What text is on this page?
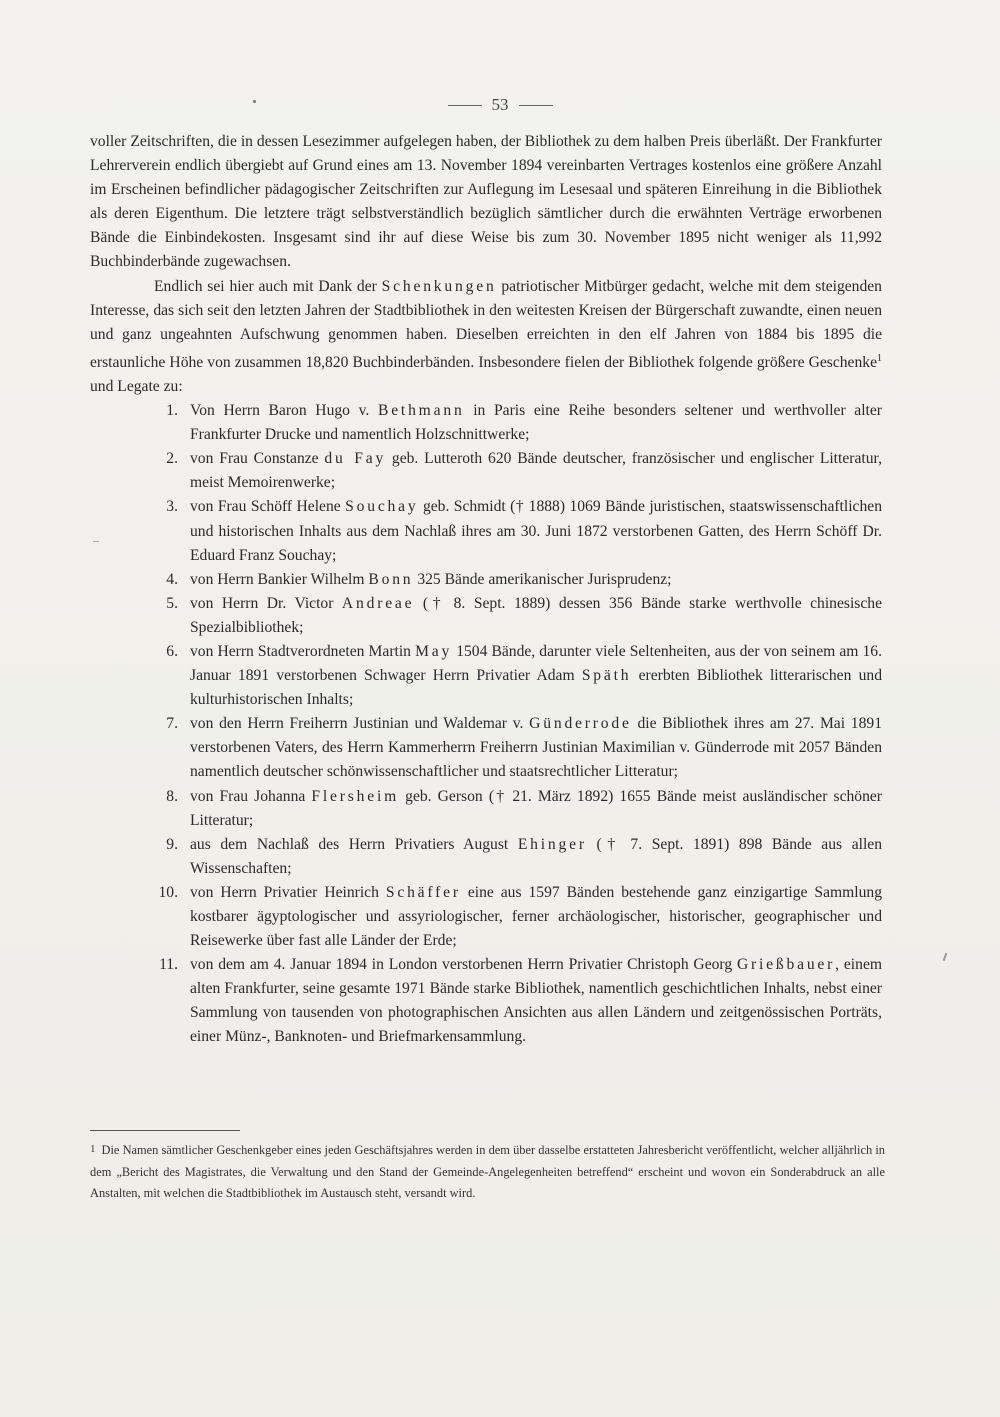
53

voller Zeitschriften, die in dessen Lesezimmer aufgelegen haben, der Bibliothek zu dem halben Preis überläßt. Der Frankfurter Lehrerverein endlich übergiebt auf Grund eines am 13. November 1894 vereinbarten Vertrages kostenlos eine größere Anzahl im Erscheinen befindlicher pädagogischer Zeitschriften zur Auflegung im Lesesaal und späteren Einreihung in die Bibliothek als deren Eigenthum. Die letztere trägt selbstverständlich bezüglich sämtlicher durch die erwähnten Verträge erworbenen Bände die Einbindekosten. Insgesamt sind ihr auf diese Weise bis zum 30. November 1895 nicht weniger als 11,992 Buchbinderbände zugewachsen.

Endlich sei hier auch mit Dank der Schenkungen patriotischer Mitbürger gedacht, welche mit dem steigenden Interesse, das sich seit den letzten Jahren der Stadtbibliothek in den weitesten Kreisen der Bürgerschaft zuwandte, einen neuen und ganz ungeahnten Aufschwung genommen haben. Dieselben erreichten in den elf Jahren von 1884 bis 1895 die erstaunliche Höhe von zusammen 18,820 Buchbinderbänden. Insbesondere fielen der Bibliothek folgende größere Geschenke$^1$ und Legate zu:

1. Von Herrn Baron Hugo v. Bethmann in Paris eine Reihe besonders seltener und werthvoller alter Frankfurter Drucke und namentlich Holzschnittwerke;
2. von Frau Constanze du Fay geb. Lutteroth 620 Bände deutscher, französischer und englischer Litteratur, meist Memoirenwerke;
3. von Frau Schöff Helene Souchay geb. Schmidt († 1888) 1069 Bände juristischen, staatswissenschaftlichen und historischen Inhalts aus dem Nachlaß ihres am 30. Juni 1872 verstorbenen Gatten, des Herrn Schöff Dr. Eduard Franz Souchay;
4. von Herrn Bankier Wilhelm Bonn 325 Bände amerikanischer Jurisprudenz;
5. von Herrn Dr. Victor Andreae († 8. Sept. 1889) dessen 356 Bände starke werthvolle chinesische Spezialbibliothek;
6. von Herrn Stadtverordneten Martin May 1504 Bände, darunter viele Seltenheiten, aus der von seinem am 16. Januar 1891 verstorbenen Schwager Herrn Privatier Adam Späth ererbten Bibliothek litterarischen und kulturhistorischen Inhalts;
7. von den Herrn Freiherrn Justinian und Waldemar v. Günderrode die Bibliothek ihres am 27. Mai 1891 verstorbenen Vaters, des Herrn Kammerherrn Freiherrn Justinian Maximilian v. Günderrode mit 2057 Bänden namentlich deutscher schönwissenschaftlicher und staatsrechtlicher Litteratur;
8. von Frau Johanna Flersheim geb. Gerson († 21. März 1892) 1655 Bände meist ausländischer schöner Litteratur;
9. aus dem Nachlaß des Herrn Privatiers August Ehinger († 7. Sept. 1891) 898 Bände aus allen Wissenschaften;
10. von Herrn Privatier Heinrich Schäffer eine aus 1597 Bänden bestehende ganz einzigartige Sammlung kostbarer ägyptologischer und assyriologischer, ferner archäologischer, historischer, geographischer und Reisewerke über fast alle Länder der Erde;
11. von dem am 4. Januar 1894 in London verstorbenen Herrn Privatier Christoph Georg Grießbauer, einem alten Frankfurter, seine gesamte 1971 Bände starke Bibliothek, namentlich geschichtlichen Inhalts, nebst einer Sammlung von tausenden von photographischen Ansichten aus allen Ländern und zeitgenössischen Porträts, einer Münz-, Banknoten- und Briefmarkensammlung.
1 Die Namen sämtlicher Geschenkgeber eines jeden Geschäftsjahres werden in dem über dasselbe erstatteten Jahresbericht veröffentlicht, welcher alljährlich in dem „Bericht des Magistrates, die Verwaltung und den Stand der Gemeinde-Angelegenheiten betreffend“ erscheint und wovon ein Sonderabdruck an alle Anstalten, mit welchen die Stadtbibliothek im Austausch steht, versandt wird.
